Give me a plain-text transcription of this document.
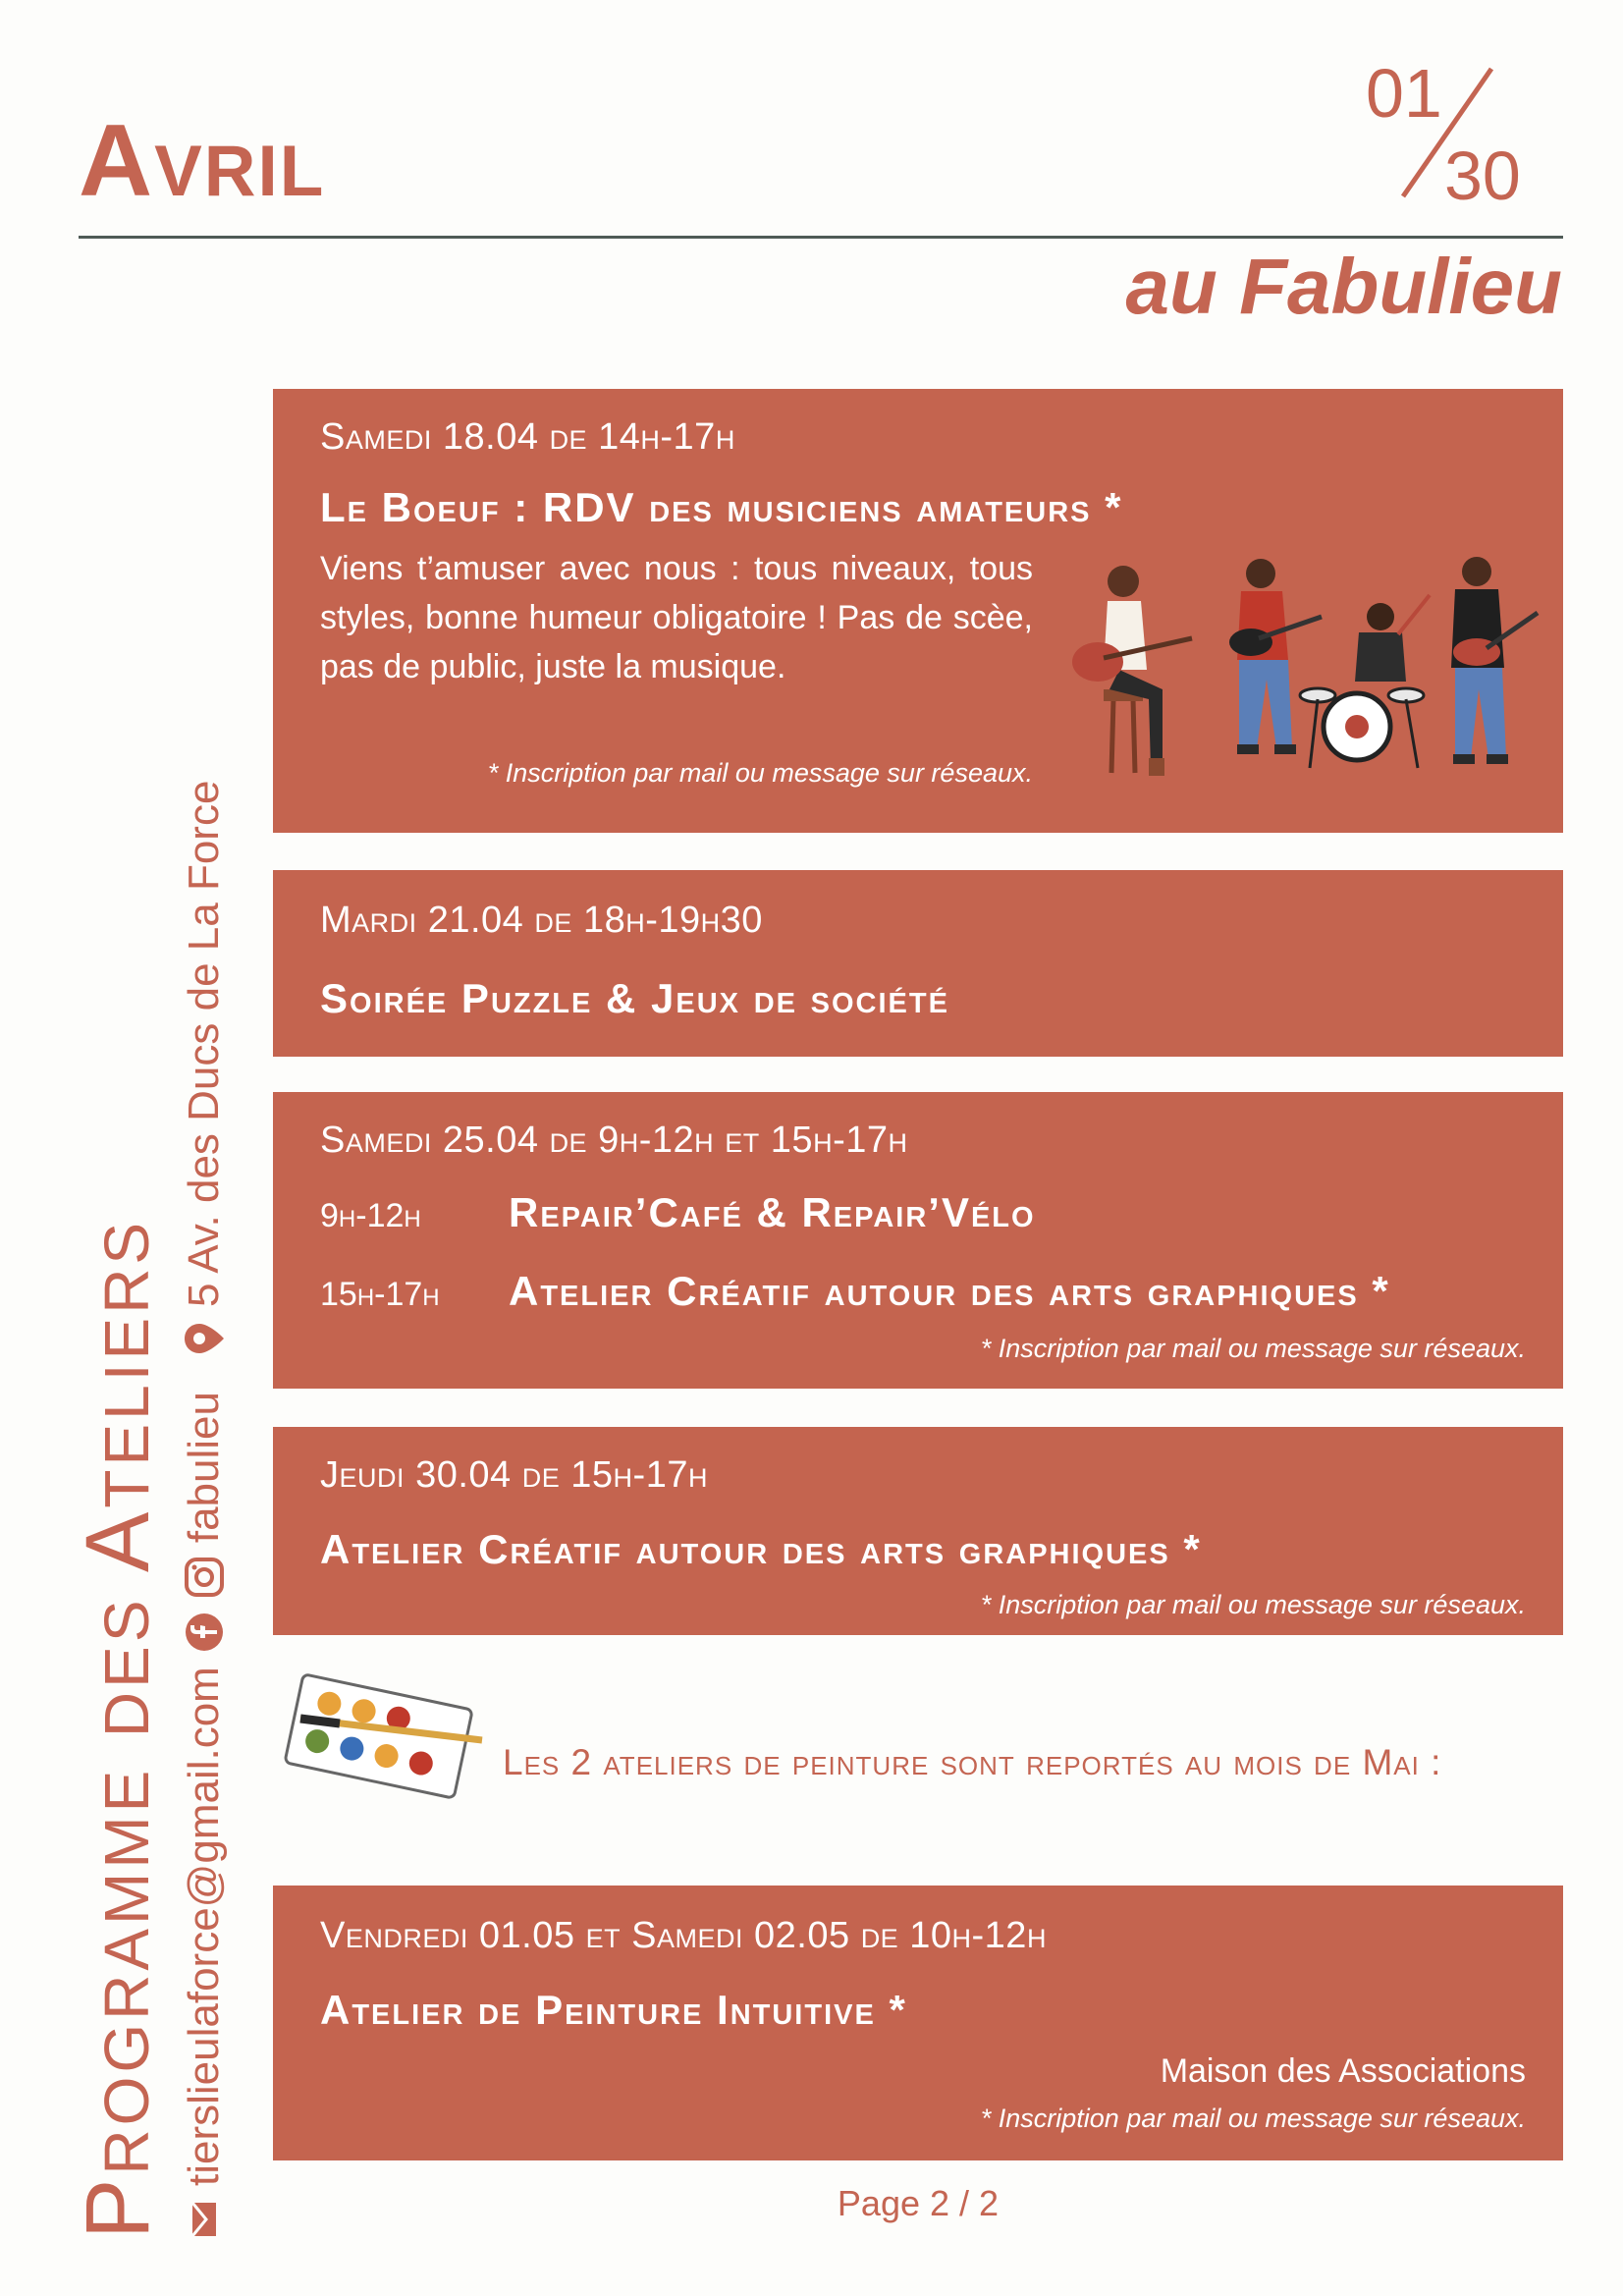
Avril
01
30
au Fabulieu
Programme des Ateliers tierslieulaforce@gmail.com
fabulieu
5 Av. des Ducs de La Force
Samedi 18.04 de 14h-17h
Le Boeuf : RDV des musiciens amateurs *
Viens t’amuser avec nous : tous niveaux, tous styles, bonne humeur obligatoire ! Pas de scèe, pas de public, juste la musique.
* Inscription par mail ou message sur réseaux.
Mardi 21.04 de 18h-19h30
Soirée Puzzle & Jeux de société
Samedi 25.04 de 9h-12h et 15h-17h
9h-12h	Repair’Café & Repair’Vélo
15h-17h	Atelier Créatif autour des arts graphiques *
* Inscription par mail ou message sur réseaux.
Jeudi 30.04 de 15h-17h
Atelier Créatif autour des arts graphiques *
* Inscription par mail ou message sur réseaux.
Les 2 ateliers de peinture sont reportés au mois de Mai :
Vendredi 01.05 et Samedi 02.05 de 10h-12h
Atelier de Peinture Intuitive *
Maison des Associations
* Inscription par mail ou message sur réseaux.
Page 2 / 2
